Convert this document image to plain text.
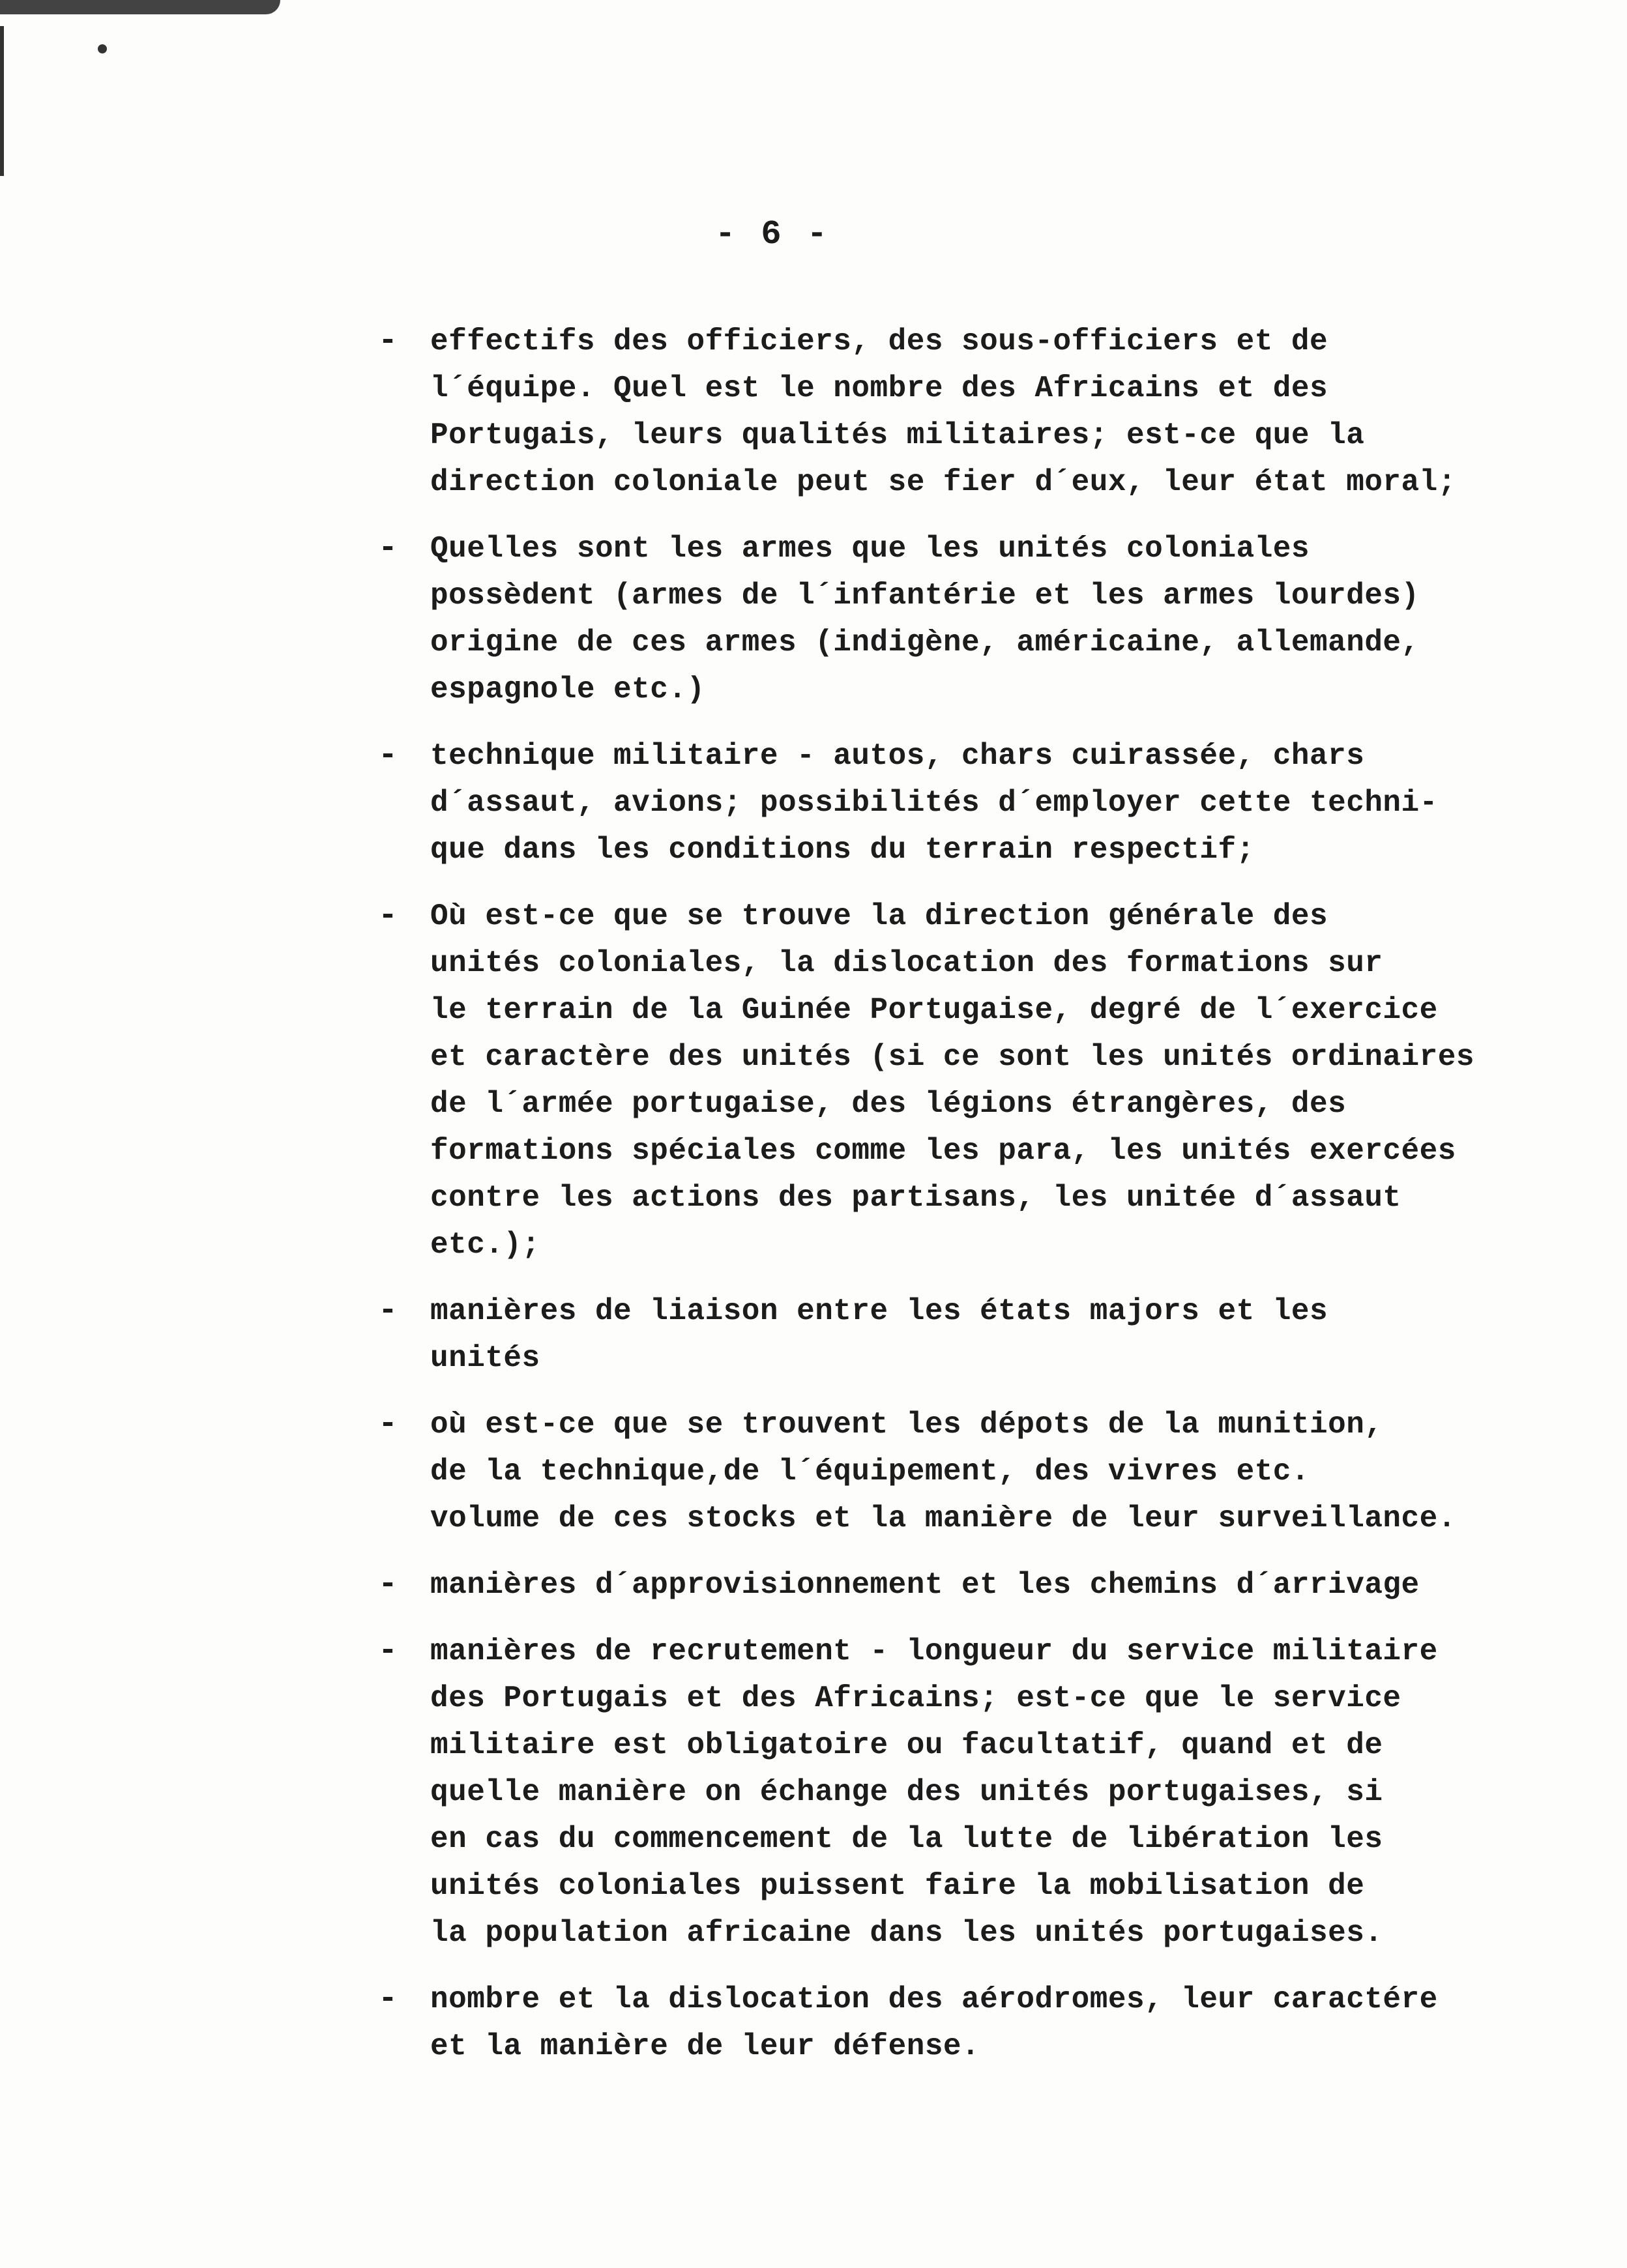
- 6 -
- effectifs des officiers, des sous-officiers et de
l´équipe. Quel est le nombre des Africains et des
Portugais, leurs qualités militaires; est-ce que la
direction coloniale peut se fier d´eux, leur état moral;
- Quelles sont les armes que les unités coloniales
possèdent (armes de l´infantérie et les armes lourdes)
origine de ces armes (indigène, américaine, allemande,
espagnole etc.)
- technique militaire - autos, chars cuirassée, chars
d´assaut, avions; possibilités d´employer cette techni-
que dans les conditions du terrain respectif;
- Où est-ce que se trouve la direction générale des
unités coloniales, la dislocation des formations sur
le terrain de la Guinée Portugaise, degré de l´exercice
et caractère des unités (si ce sont les unités ordinaires
de l´armée portugaise, des légions étrangères, des
formations spéciales comme les para, les unités exercées
contre les actions des partisans, les unitée d´assaut
etc.);
- manières de liaison entre les états majors et les
unités
- où est-ce que se trouvent les dépots de la munition,
de la technique,de l´équipement, des vivres etc.
volume de ces stocks et la manière de leur surveillance.
- manières d´approvisionnement et les chemins d´arrivage
- manières de recrutement - longueur du service militaire
des Portugais et des Africains; est-ce que le service
militaire est obligatoire ou facultatif, quand et de
quelle manière on échange des unités portugaises, si
en cas du commencement de la lutte de libération les
unités coloniales puissent faire la mobilisation de
la population africaine dans les unités portugaises.
- nombre et la dislocation des aérodromes, leur caractére
et la manière de leur défense.
